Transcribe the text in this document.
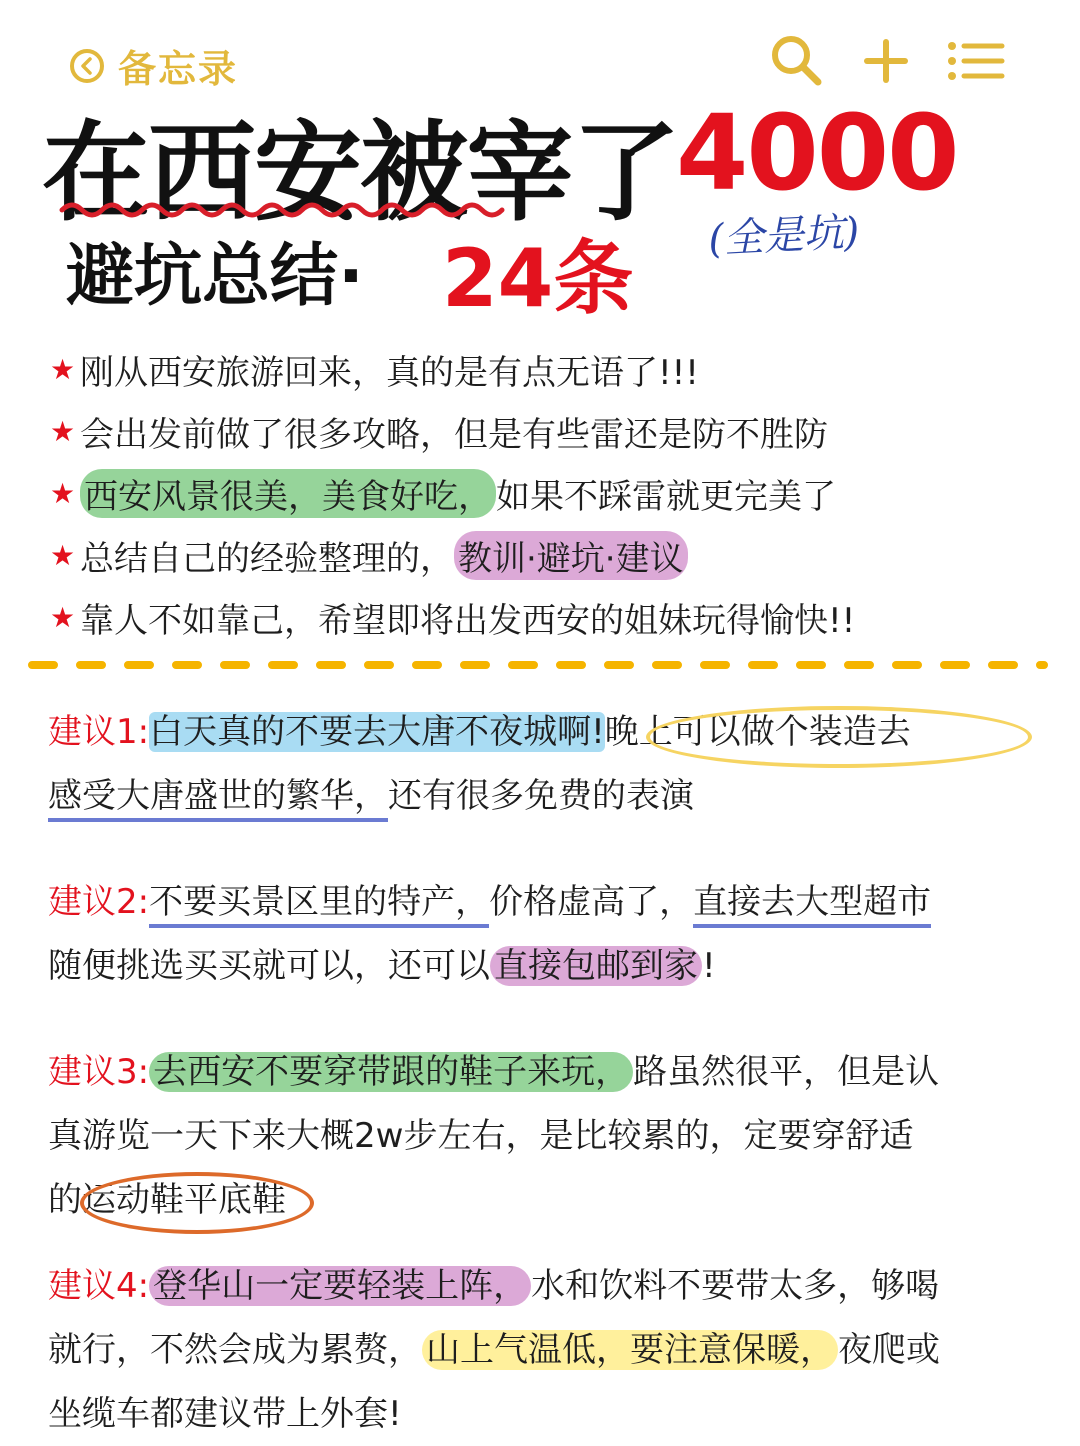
备忘录
在西安被宰了
4000
(全是坑)
避坑总结· 24条
★ 刚从西安旅游回来，真的是有点无语了!!!
★ 会出发前做了很多攻略，但是有些雷还是防不胜防
★ 西安风景很美，美食好吃， 如果不踩雷就更完美了
★ 总结自己的经验整理的， 教训·避坑·建议
★ 靠人不如靠己，希望即将出发西安的姐妹玩得愉快!!
建议1:白天真的不要去大唐不夜城啊!晚上可以做个装造去
感受大唐盛世的繁华，还有很多免费的表演
建议2:不要买景区里的特产，价格虚高了，直接去大型超市
随便挑选买买就可以，还可以 直接包邮到家 !
建议3: 去西安不要穿带跟的鞋子来玩， 路虽然很平，但是认
真游览一天下来大概2w步左右，是比较累的，定要穿舒适
的运动鞋平底鞋
建议4: 登华山一定要轻装上阵， 水和饮料不要带太多，够喝
就行，不然会成为累赘， 山上气温低，要注意保暖， 夜爬或
坐缆车都建议带上外套!
